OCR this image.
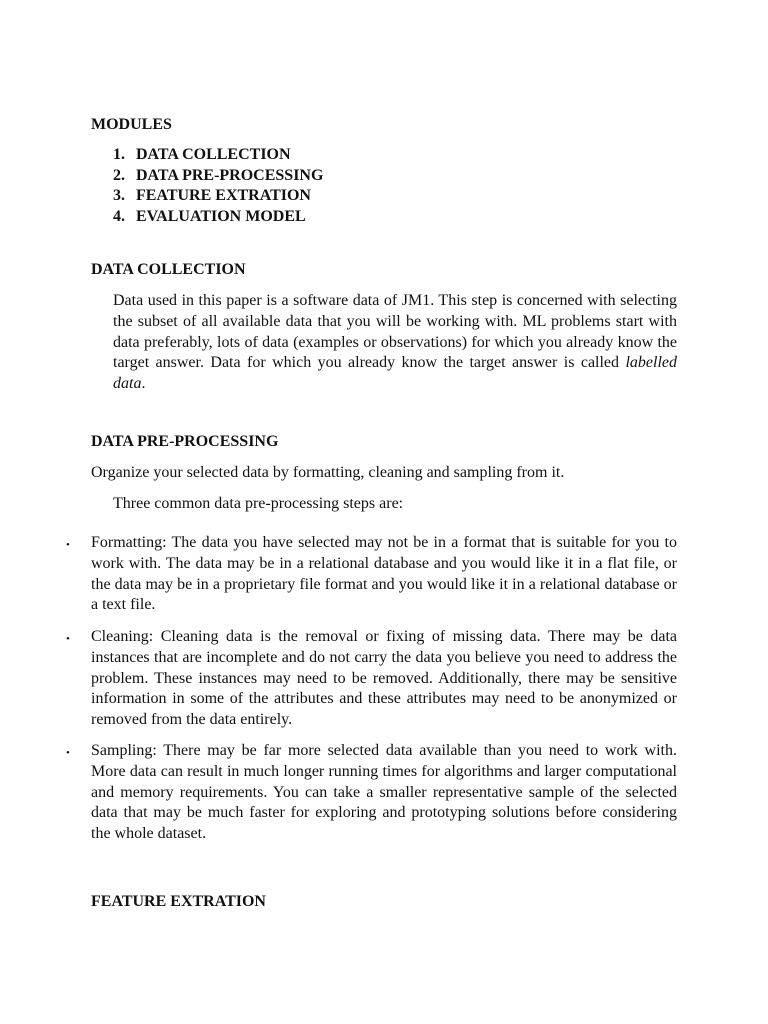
MODULES
1. DATA COLLECTION
2. DATA PRE-PROCESSING
3. FEATURE EXTRATION
4. EVALUATION MODEL
DATA COLLECTION

Data used in this paper is a software data of JM1. This step is concerned with selecting the subset of all available data that you will be working with. ML problems start with data preferably, lots of data (examples or observations) for which you already know the target answer. Data for which you already know the target answer is called labelled data.

DATA PRE-PROCESSING

Organize your selected data by formatting, cleaning and sampling from it.

Three common data pre-processing steps are:

• Formatting: The data you have selected may not be in a format that is suitable for you to work with. The data may be in a relational database and you would like it in a flat file, or the data may be in a proprietary file format and you would like it in a relational database or a text file.

• Cleaning: Cleaning data is the removal or fixing of missing data. There may be data instances that are incomplete and do not carry the data you believe you need to address the problem. These instances may need to be removed. Additionally, there may be sensitive information in some of the attributes and these attributes may need to be anonymized or removed from the data entirely.

• Sampling: There may be far more selected data available than you need to work with. More data can result in much longer running times for algorithms and larger computational and memory requirements. You can take a smaller representative sample of the selected data that may be much faster for exploring and prototyping solutions before considering the whole dataset.

FEATURE EXTRATION
